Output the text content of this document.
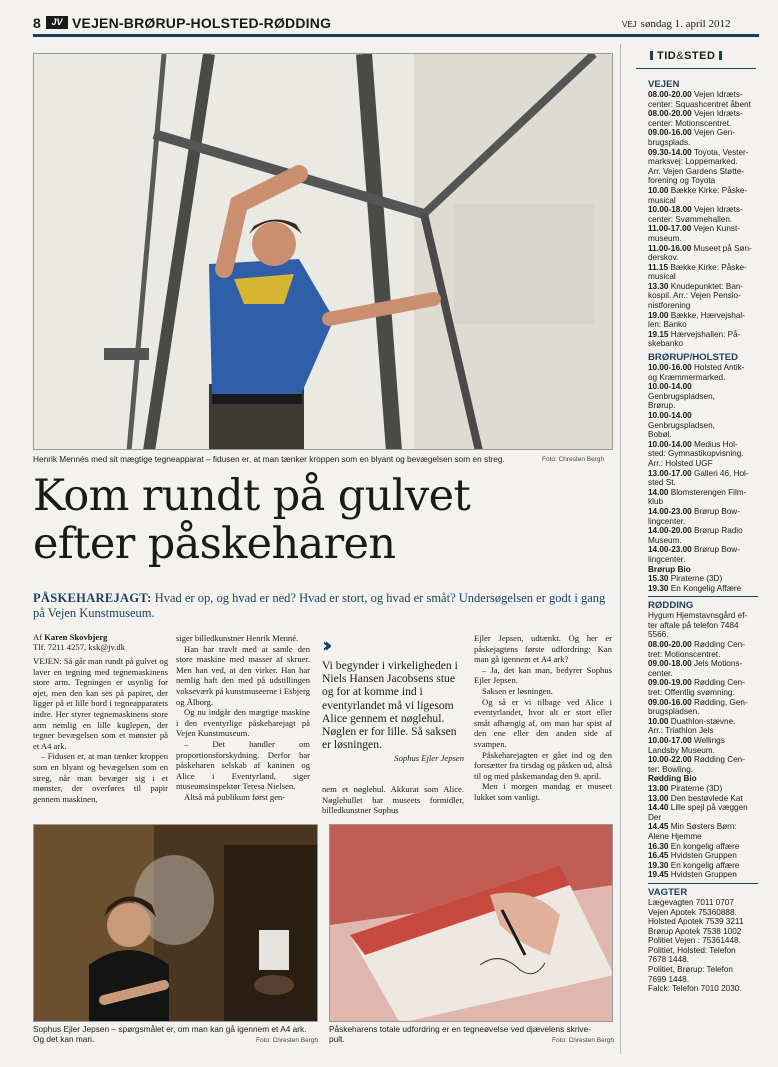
8	JV VEJEN-BRØRUP-HOLSTED-RØDDING	VEJ søndag 1. april 2012
Henrik Mennés med sit mægtige tegneapparat – fidusen er, at man tænker kroppen som en blyant og bevægelsen som en streg.	Foto: Chresten Bergh
Kom rundt på gulvet
efter påskeharen
PÅSKEHAREJAGT: Hvad er op, og hvad er ned? Hvad er stort, og hvad er småt? Undersøgelsen er godt i gang på Vejen Kunstmuseum.
Af Karen Skovbjerg
Tlf. 7211 4257, ksk@jv.dk

VEJEN: Så går man rundt på gulvet og laver en tegning med tegnemaskinens store arm. Tegningen er usynlig for øjet, men den kan ses på papiret, der ligger på et lille bord i tegneapparatets indre. Her styrer tegnemaskinens store arm nemlig en lille kuglepen, der tegner bevægelsen som et mønster på et A4 ark.

– Fidusen er, at man tænker kroppen som en blyant og bevægelsen som en streg, når man bevæger sig i et mønster, der overføres til papir gennem maskinen,

siger billedkunstner Henrik Menné.

Han har travlt med at samle den store maskine med masser af skruer. Men han ved, at den virker. Han har nemlig haft den med på udstillingen vokseværk på kunstmuseerne i Esbjerg og Ålborg.

Og nu indgår den mægtige maskine i den eventyrlige påskeharejagt på Vejen Kunstmuseum.

– Det handler om proportionsforskydning. Derfor har påskeharen selskab af kaninen og Alice i Eventyrland, siger museumsinspektør Teresa Nielsen.

Altså må publikum først gen-

››
Vi begynder i virkeligheden i Niels Hansen Jacobsens stue og for at komme ind i eventyrlandet må vi ligesom Alice gennem et nøglehul. Nøglen er for lille. Så saksen er løsningen.
Sophus Ejler Jepsen

nem et nøglehul. Akkurat som Alice. Nøglehullet har museets formidler, billedkunstner Sophus

Ejler Jepsen, udtænkt. Og her er påskejagtens første udfordring: Kan man gå igennem et A4 ark?

– Ja, det kan man, bedyrer Sophus Ejler Jepsen.

Saksen er løsningen.

Og så er vi tilbage ved Alice i eventyrlandet, hvor alt er stort eller småt afhængig af, om man har spist af den ene eller den anden side af svampen.

Påskeharejagten er gået ind og den fortsætter fra tirsdag og påsken ud, altså til og med påskemandag den 9. april.

Men i morgen mandag er museet lukket som vanligt.

Sophus Ejler Jepsen – spørgsmålet er, om man kan gå igennem et A4 ark.
Og det kan man.	Foto: Chresten Bergh
Påskeharens totale udfordring er en tegneøvelse ved djævelens skrive-
pult.	Foto: Chresten Bergh
TID&STED
VEJEN
08.00-20.00 Vejen Idræts-
center: Squashcentret åbent
08.00-20.00 Vejen Idræts-
center: Motionscentret.
09.00-16.00 Vejen Gen-
brugsplads.
09.30-14.00 Toyota, Vester-
marksvej: Loppemarked.
Arr. Vejen Gardens Støtte-
forening og Toyota
10.00 Bække Kirke: Påske-
musical
10.00-18.00 Vejen Idræts-
center: Svømmehallen.
11.00-17.00 Vejen Kunst-
museum.
11.00-16.00 Museet på Søn-
derskov.
11.15 Bække Kirke: Påske-
musical
13.30 Knudepunktet: Ban-
kospil. Arr.: Vejen Pensio-
nistforening
19.00 Bække, Hærvejshal-
len: Banko
19.15 Hærvejshallen: På-
skebanko
BRØRUP/HOLSTED
10.00-16.00 Holsted Antik-
og Kræmmermarked.
10.00-14.00 Genbrugspladsen,
Brørup.
10.00-14.00 Genbrugspladsen,
Bobøl.
10.00-14.00 Medius Hol-
sted: Gymnastikopvisning.
Arr.: Holsted UGF
13.00-17.00 Galleri 46, Hol-
sted St.
14.00 Blomsterengen Film-
klub
14.00-23.00 Brørup Bow-
lingcenter.
14.00-20.00 Brørup Radio
Museum.
14.00-23.00 Brørup Bow-
lingcenter.
Brørup Bio
15.30 Piraterne (3D)
19.30 En Kongelig Affære
RØDDING
Hygum Hjemstavnsgård ef-
ter aftale på telefon 7484
5566.
08.00-20.00 Rødding Cen-
tret: Motionscentret.
09.00-18.00 Jels Motions-
center.
09.00-19.00 Rødding Cen-
tret: Offentlig svømning.
09.00-16.00 Rødding, Gen-
brugspladsen.
10.00 Duathlon-stævne.
Arr.: Triathlon Jels
10.00-17.00 Wellings
Landsby Museum.
10.00-22.00 Rødding Cen-
ter: Bowling.
Rødding Bio
13.00 Piraterne (3D)
13.00 Den bestøvlede Kat
14.40 Lille spejl på væggen
Der
14.45 Min Søsters Børn:
Alene Hjemme
16.30 En kongelig affære
16.45 Hvidsten Gruppen
19.30 En kongelig affære
19.45 Hvidsten Gruppen
VAGTER
Lægevagten 7011 0707
Vejen Apotek 75360888.
Holsted Apotek 7539 3211
Brørup Apotek 7538 1002
Politiet Vejen : 75361448.
Politiet, Holsted: Telefon
7678 1448.
Politiet, Brørup: Telefon
7699 1448.
Falck: Telefon 7010 2030.
